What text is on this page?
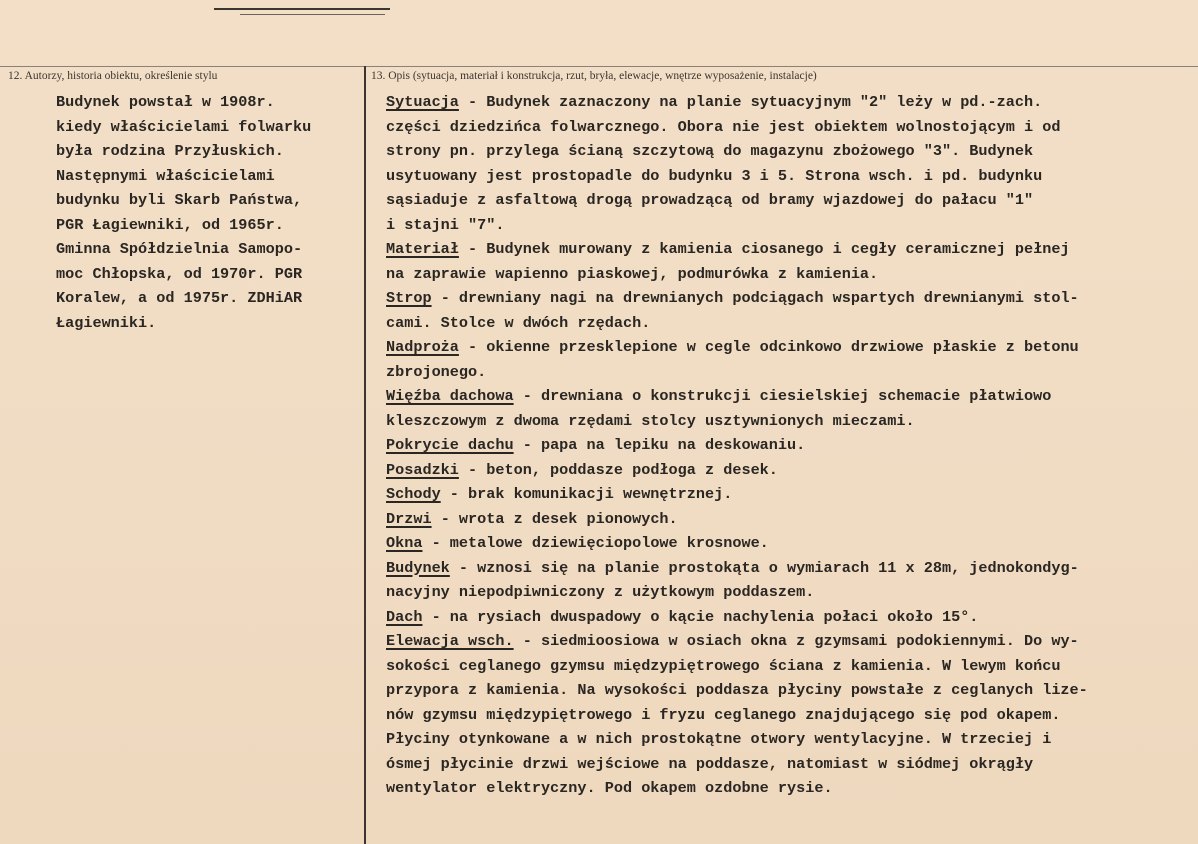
12. Autorzy, historia obiektu, określenie stylu	13. Opis (sytuacja, materiał i konstrukcja, rzut, bryła, elewacje, wnętrze wyposażenie, instalacje)
Budynek powstał w 1908r.
kiedy właścicielami folwarku
była rodzina Przyłuskich.
Następnymi właścicielami
budynku byli Skarb Państwa,
PGR Łagiewniki, od 1965r.
Gminna Spółdzielnia Samopo-
moc Chłopska, od 1970r. PGR
Koralew, a od 1975r. ZDHiAR
Łagiewniki.
Sytuacja - Budynek zaznaczony na planie sytuacyjnym "2" leży w pd.-zach.
części dziedzińca folwarcznego. Obora nie jest obiektem wolnostojącym i od
strony pn. przylega ścianą szczytową do magazynu zbożowego "3". Budynek
usytuowany jest prostopadle do budynku 3 i 5. Strona wsch. i pd. budynku
sąsiaduje z asfaltową drogą prowadzącą od bramy wjazdowej do pałacu "1"
i stajni "7".
Materiał - Budynek murowany z kamienia ciosanego i cegły ceramicznej pełnej
na zaprawie wapienno piaskowej, podmurówka z kamienia.
Strop - drewniany nagi na drewnianych podciągach wspartych drewnianymi stol-
cami. Stolce w dwóch rzędach.
Nadproża - okienne przesklepione w cegle odcinkowo drzwiowe płaskie z betonu
zbrojonego.
Więźba dachowa - drewniana o konstrukcji ciesielskiej schemacie płatwiowo
kleszczowym z dwoma rzędami stolcy usztywnionych mieczami.
Pokrycie dachu - papa na lepiku na deskowaniu.
Posadzki - beton, poddasze podłoga z desek.
Schody - brak komunikacji wewnętrznej.
Drzwi - wrota z desek pionowych.
Okna - metalowe dziewięciopolowe krosnowe.
Budynek - wznosi się na planie prostokąta o wymiarach 11 x 28m, jednokondyg-
nacyjny niepodpiwniczony z użytkowym poddaszem.
Dach - na rysiach dwuspadowy o kącie nachylenia połaci około 15°.
Elewacja wsch. - siedmioosiowa w osiach okna z gzymsami podokiennymi. Do wy-
sokości ceglanego gzymsu międzypiętrowego ściana z kamienia. W lewym końcu
przypora z kamienia. Na wysokości poddasza płyciny powstałe z ceglanych lize-
nów gzymsu międzypiętrowego i fryzu ceglanego znajdującego się pod okapem.
Płyciny otynkowane a w nich prostokątne otwory wentylacyjne. W trzeciej i
ósmej płycinie drzwi wejściowe na poddasze, natomiast w siódmej okrągły
wentylator elektryczny. Pod okapem ozdobne rysie.
